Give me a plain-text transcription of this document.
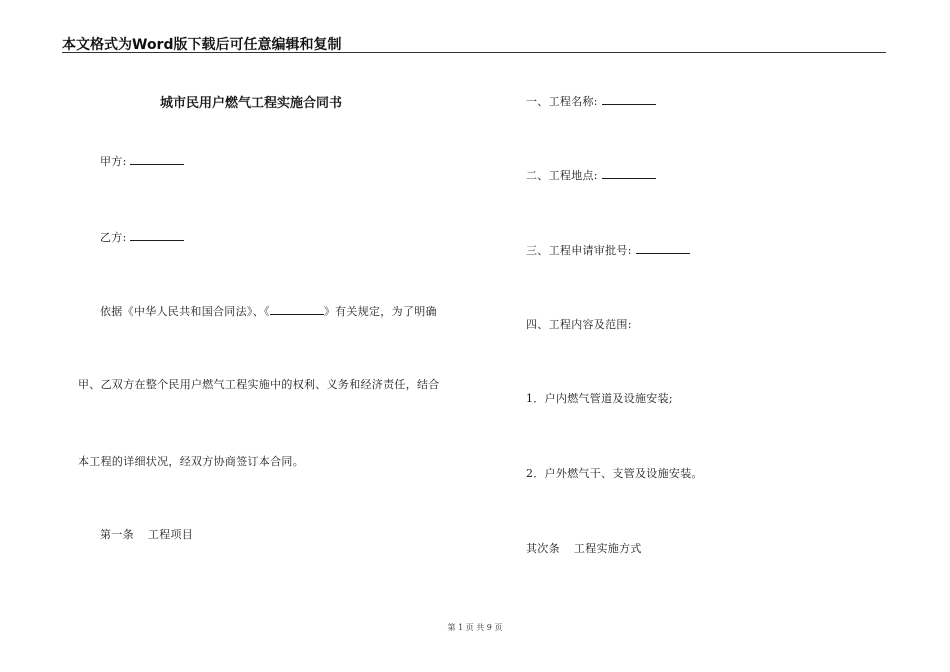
本文格式为Word版下载后可任意编辑和复制
城市民用户燃气工程实施合同书
甲方:
乙方:
依据《中华人民共和国合同法》、《	》有关规定，为了明确
甲、乙双方在整个民用户燃气工程实施中的权利、义务和经济责任，结合
本工程的详细状况，经双方协商签订本合同。
第一条 工程项目
一、工程名称:
二、工程地点:
三、工程申请审批号:
四、工程内容及范围:
1．户内燃气管道及设施安装;
2．户外燃气干、支管及设施安装。
其次条 工程实施方式
第 1 页 共 9 页
